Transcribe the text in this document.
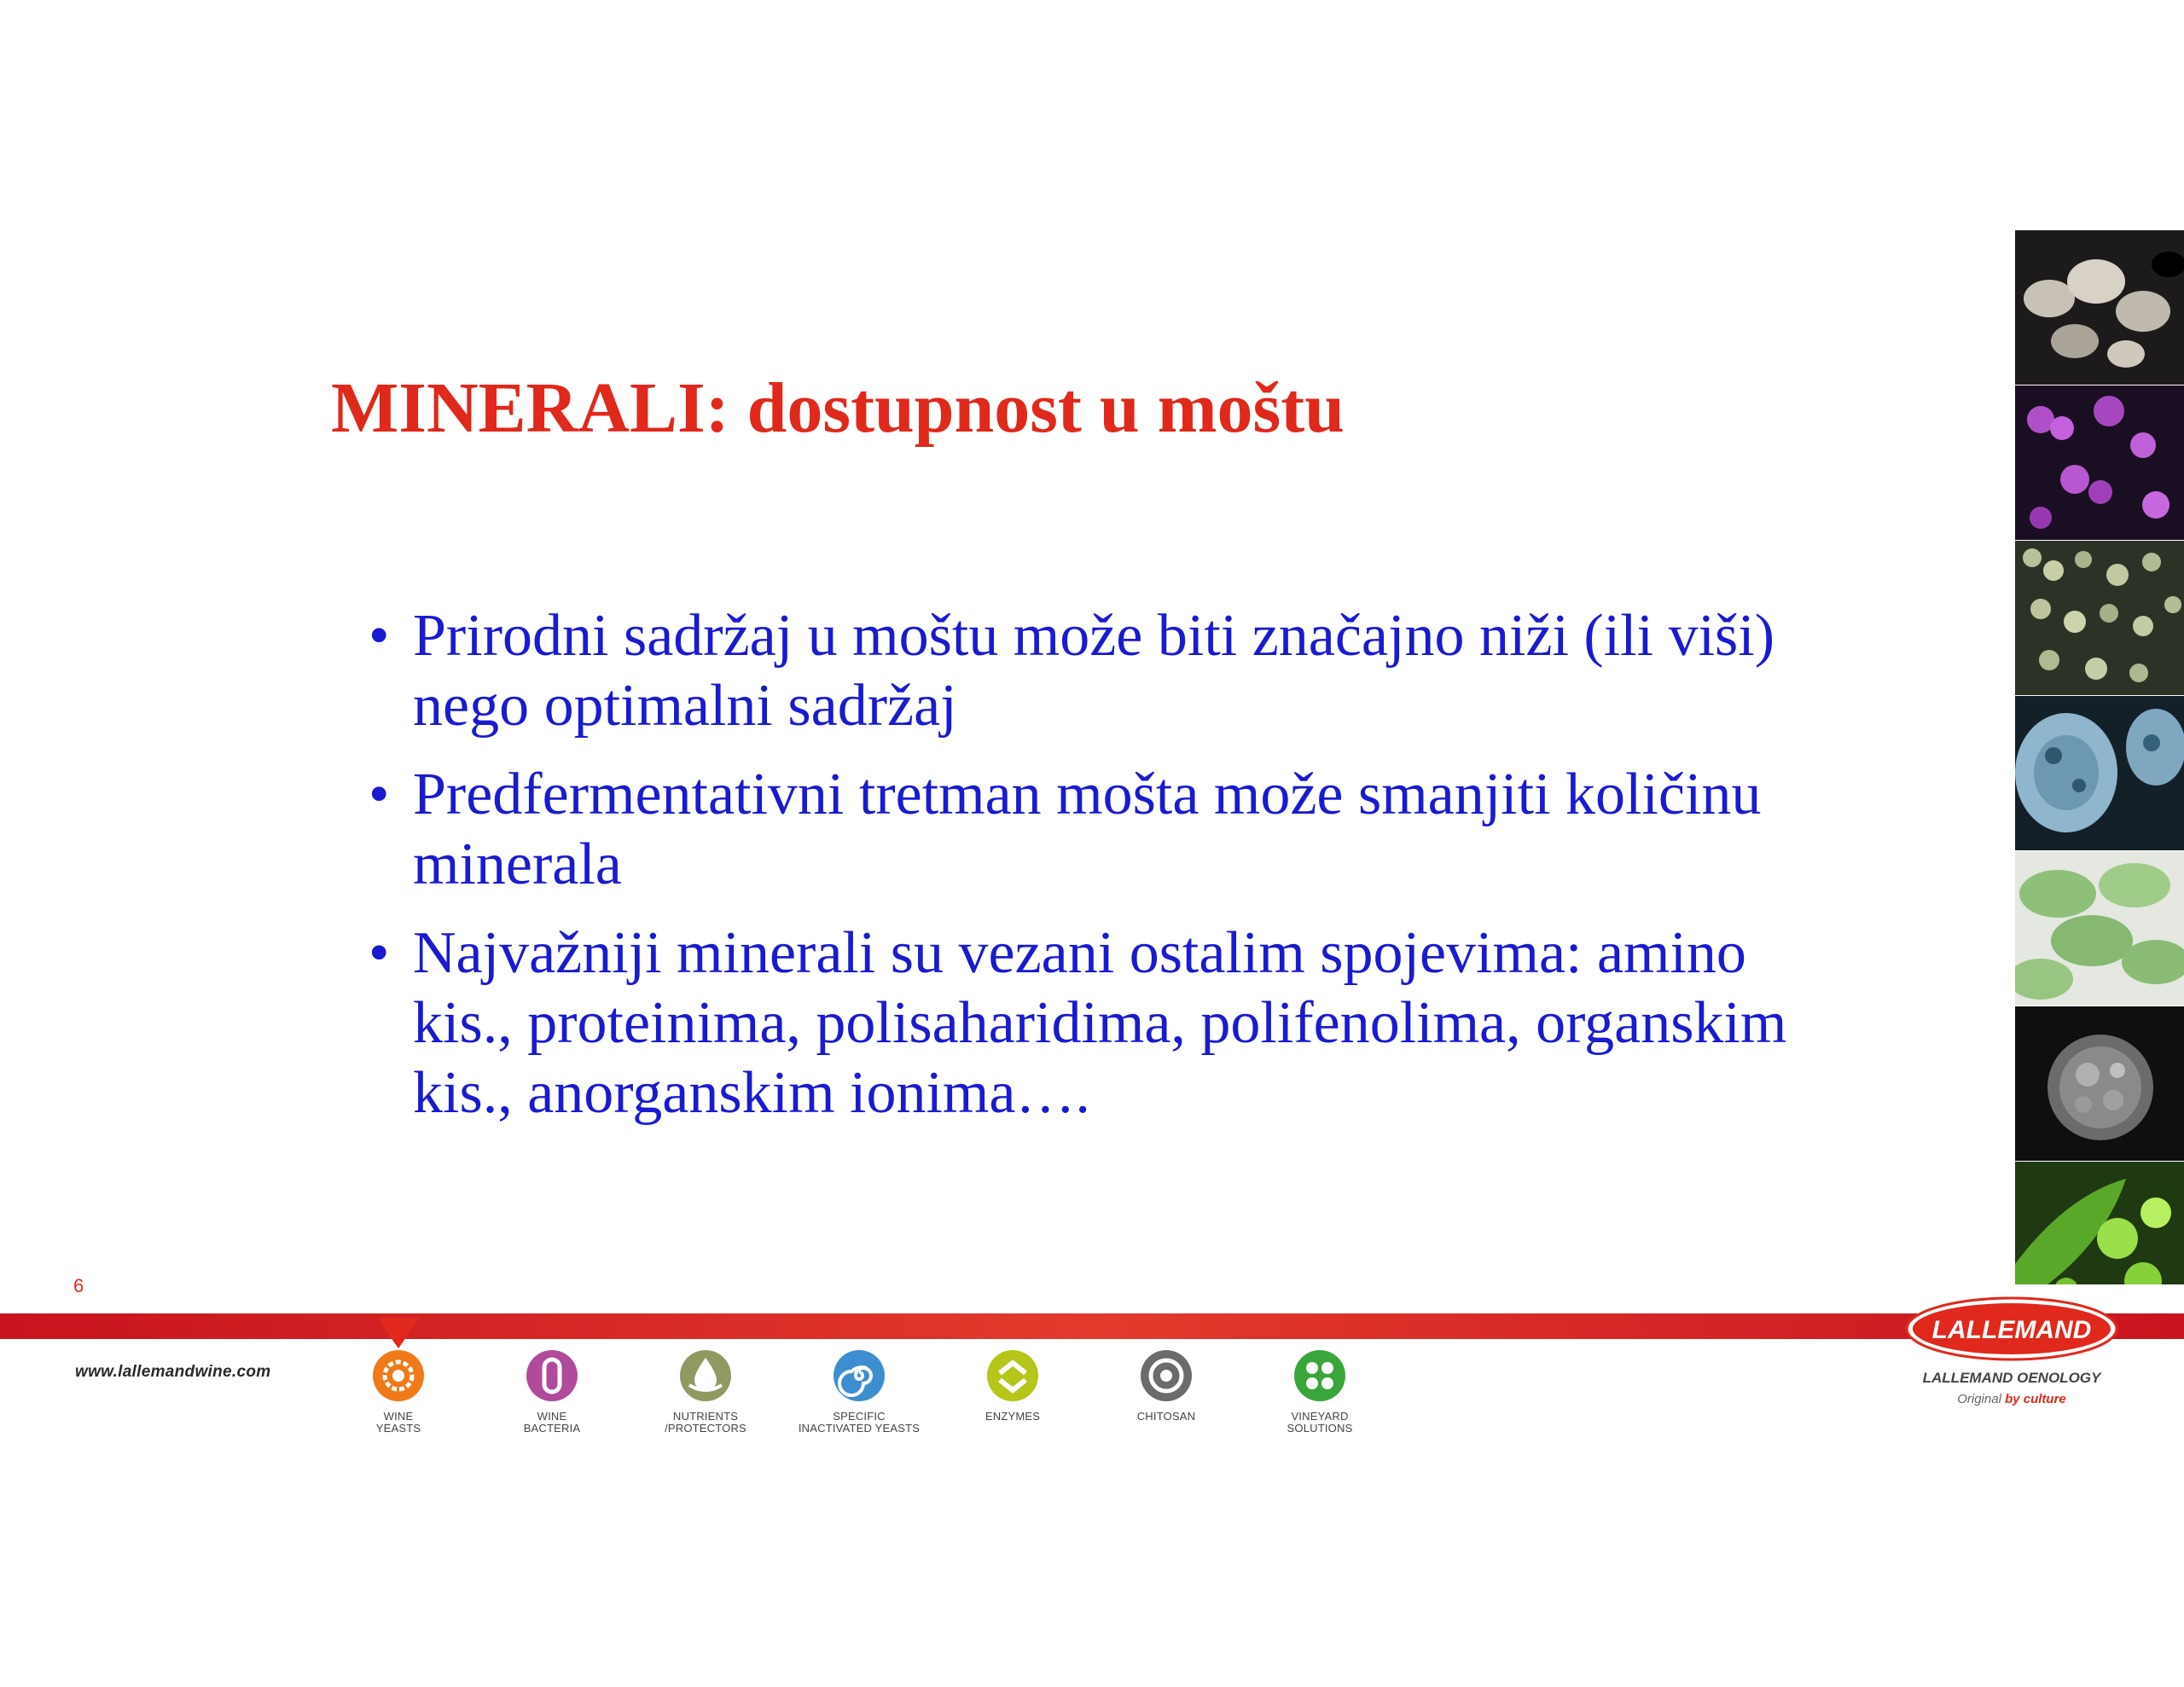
MINERALI: dostupnost u moštu
• Prirodni sadržaj u moštu može biti značajno niži (ili viši) nego optimalni sadržaj
• Predfermentativni tretman mošta može smanjiti količinu minerala
• Najvažniji minerali su vezani ostalim spojevima: amino kis., proteinima, polisaharidima, polifenolima, organskim kis., anorganskim ionima….
6
www.lallemandwine.com
WINE
YEASTS
WINE
BACTERIA
NUTRIENTS
/PROTECTORS
SPECIFIC
INACTIVATED YEASTS
ENZYMES	CHITOSAN	VINEYARD
SOLUTIONS
LALLEMAND
LALLEMAND OENOLOGY
Original by culture
